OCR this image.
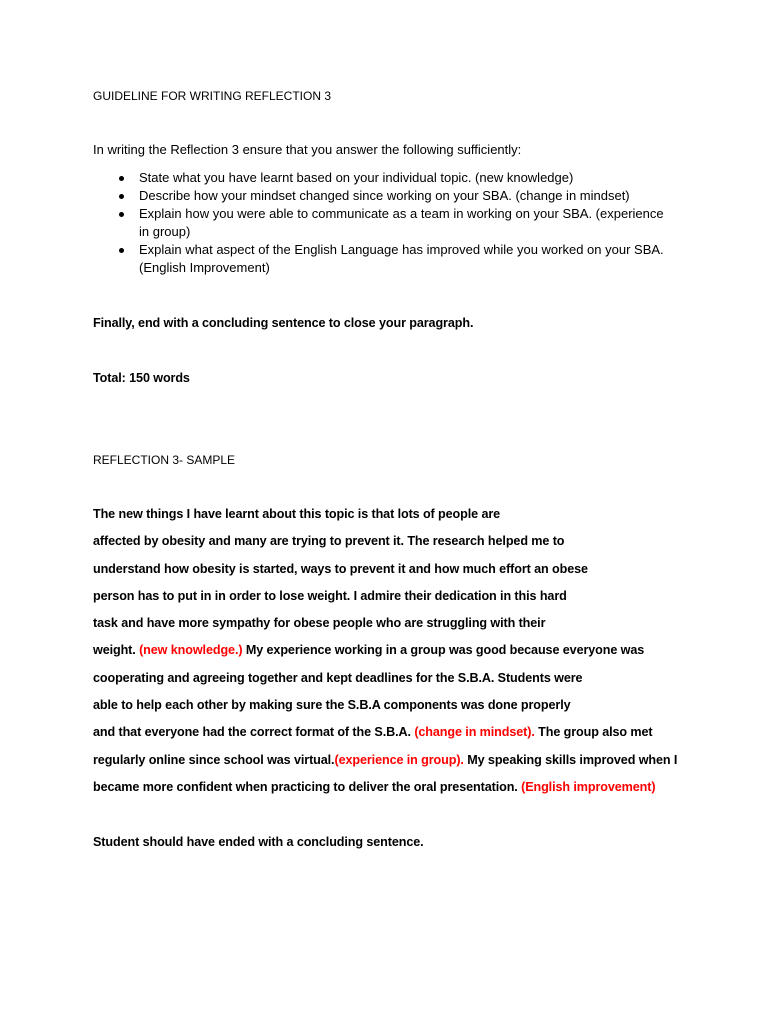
GUIDELINE FOR WRITING REFLECTION 3
In writing the Reflection 3 ensure that you answer the following sufficiently:
State what you have learnt based on your individual topic. (new knowledge)
Describe how your mindset changed since working on your SBA. (change in mindset)
Explain how you were able to communicate as a team in working on your SBA. (experience
in group)
Explain what aspect of the English Language has improved while you worked on your SBA.
(English Improvement)
Finally, end with a concluding sentence to close your paragraph.
Total: 150 words
REFLECTION 3- SAMPLE
The new things I have learnt about this topic is that lots of people are
affected by obesity and many are trying to prevent it. The research helped me to
understand how obesity is started, ways to prevent it and how much effort an obese
person has to put in in order to lose weight. I admire their dedication in this hard
task and have more sympathy for obese people who are struggling with their
weight. (new knowledge.) My experience working in a group was good because everyone was
cooperating and agreeing together and kept deadlines for the S.B.A. Students were
able to help each other by making sure the S.B.A components was done properly
and that everyone had the correct format of the S.B.A. (change in mindset). The group also met
regularly online since school was virtual.(experience in group). My speaking skills improved when I
became more confident when practicing to deliver the oral presentation. (English improvement)
Student should have ended with a concluding sentence.
